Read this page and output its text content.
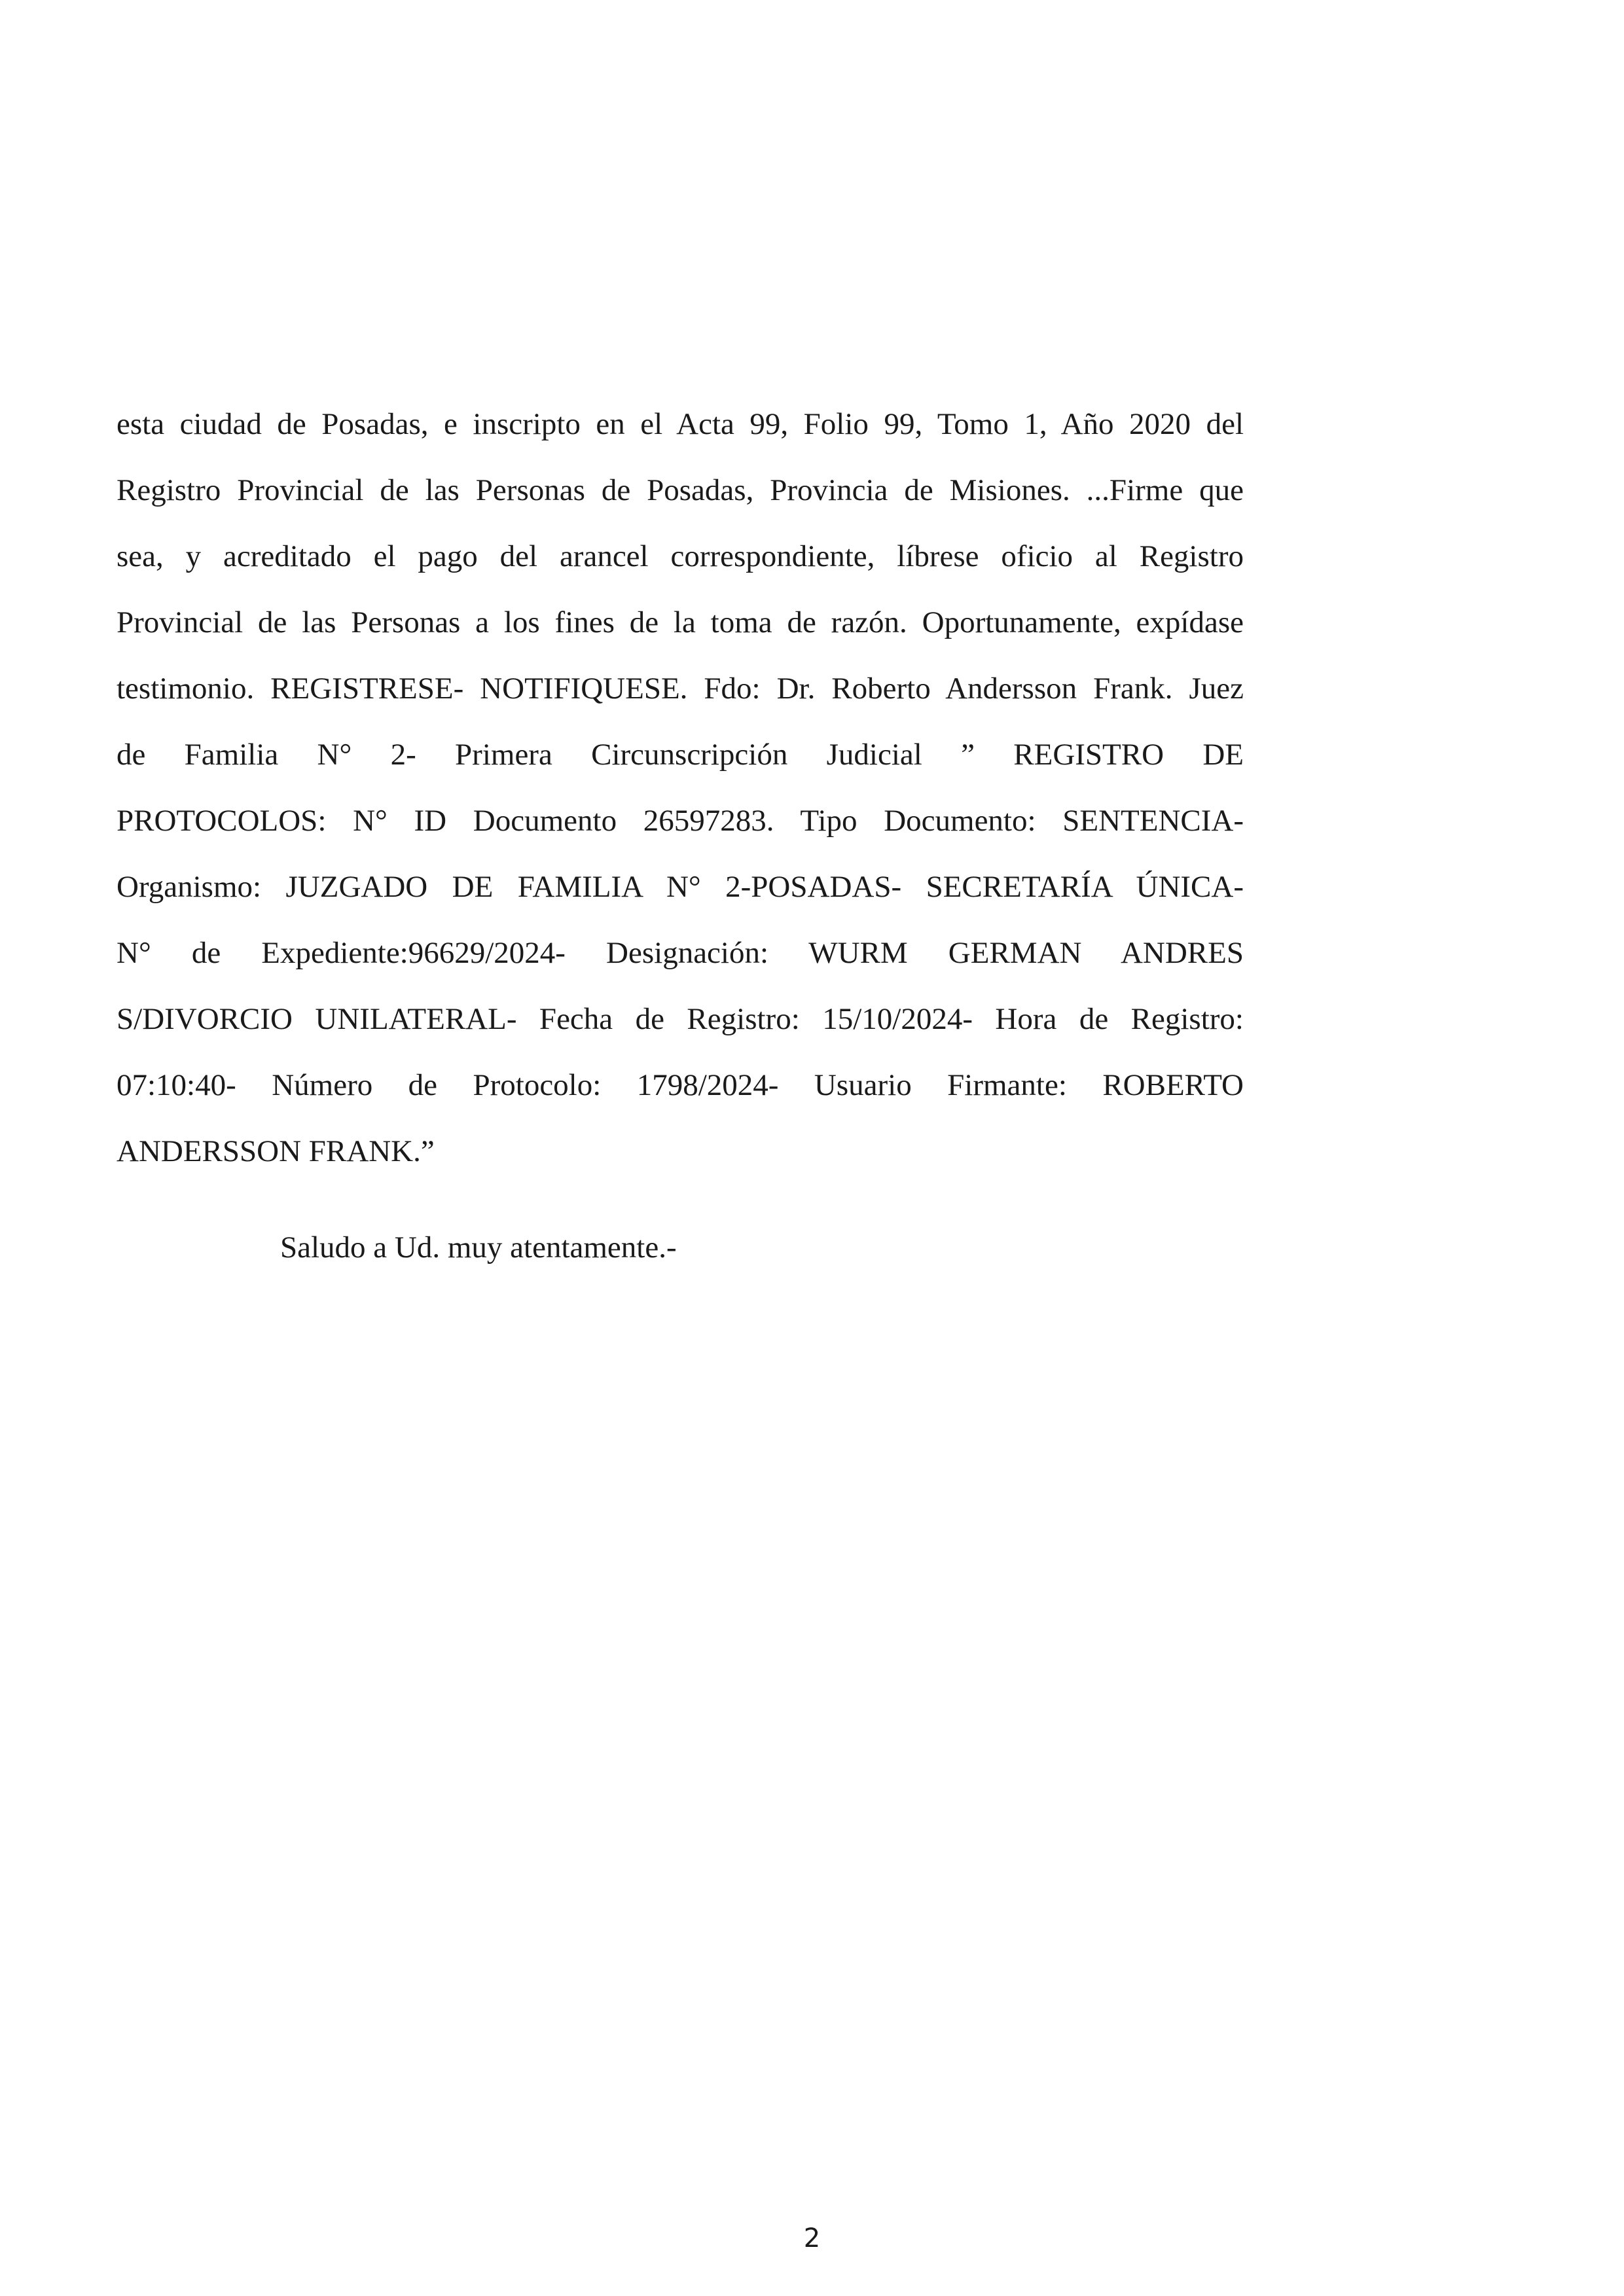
esta ciudad de Posadas, e inscripto en el Acta 99, Folio 99, Tomo 1, Año 2020 del
Registro Provincial de las Personas de Posadas, Provincia de Misiones. ...Firme que
sea, y acreditado el pago del arancel correspondiente, líbrese oficio al Registro
Provincial de las Personas a los fines de la toma de razón. Oportunamente, expídase
testimonio. REGISTRESE- NOTIFIQUESE. Fdo: Dr. Roberto Andersson Frank. Juez
de Familia N° 2- Primera Circunscripción Judicial ” REGISTRO DE
PROTOCOLOS: N° ID Documento 26597283. Tipo Documento: SENTENCIA-
Organismo: JUZGADO DE FAMILIA N° 2-POSADAS- SECRETARÍA ÚNICA-
N° de Expediente:96629/2024- Designación: WURM GERMAN ANDRES
S/DIVORCIO UNILATERAL- Fecha de Registro: 15/10/2024- Hora de Registro:
07:10:40- Número de Protocolo: 1798/2024- Usuario Firmante: ROBERTO
ANDERSSON FRANK.”
Saludo a Ud. muy atentamente.-
2
